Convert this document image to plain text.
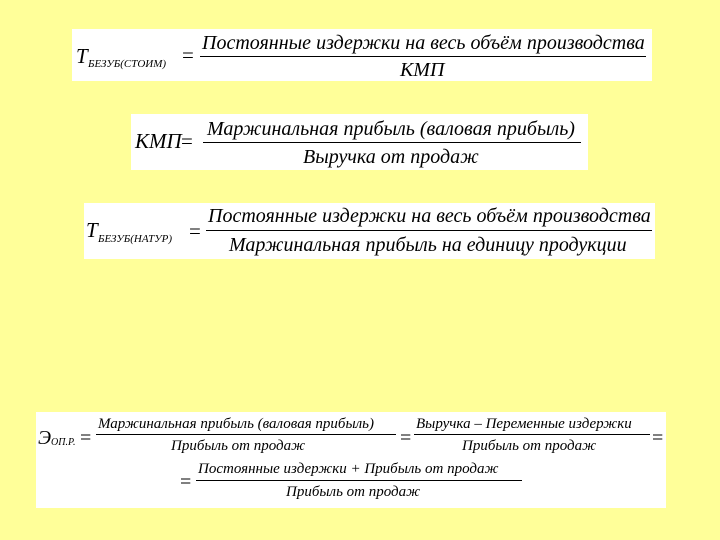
T БЕЗУБ(СТОИМ) = Постоянные издержки на весь объём производства
КМП
КМП = Маржинальная прибыль (валовая прибыль)
Выручка от продаж
T БЕЗУБ(НАТУР) =
Постоянные издержки на весь объём производства
Маржинальная прибыль на единицу продукции
Э ОП.Р. =
Маржинальная прибыль (валовая прибыль)
Прибыль от продаж	=
Выручка – Переменные издержки
Прибыль от продаж	=
=
Постоянные издержки + Прибыль от продаж
Прибыль от продаж
